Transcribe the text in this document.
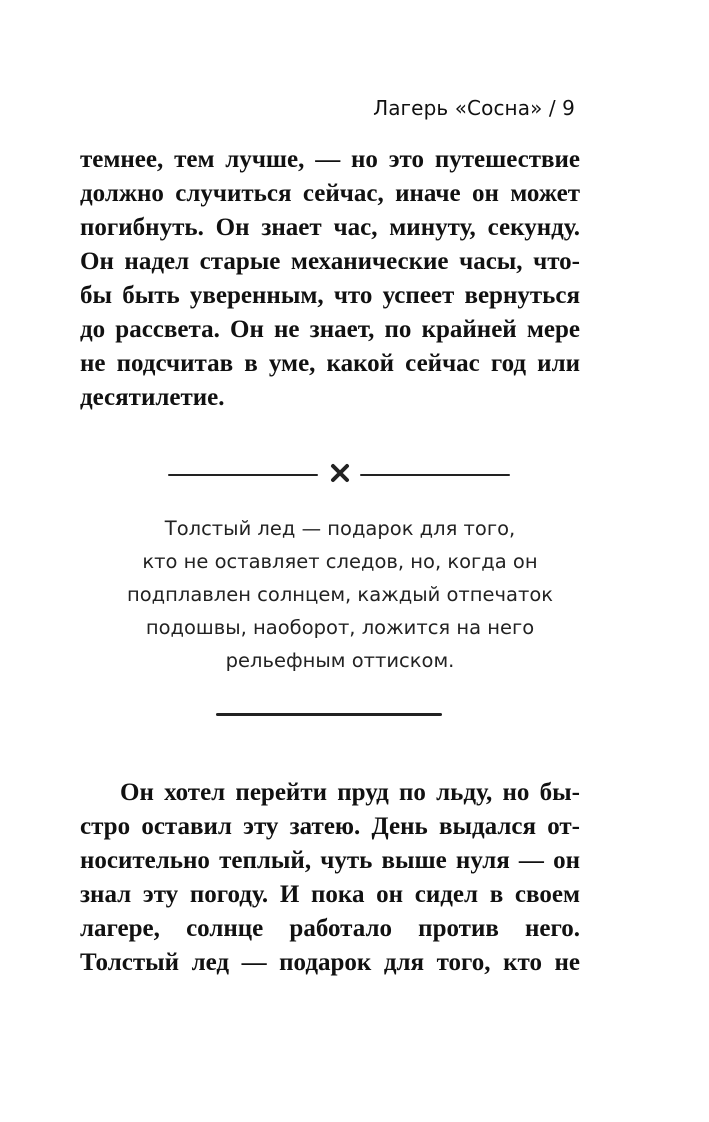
Лагерь «Сосна» / 9
темнее, тем лучше, — но это путешествие
должно случиться сейчас, иначе он может
погибнуть. Он знает час, минуту, секунду.
Он надел старые механические часы, что-
бы быть уверенным, что успеет вернуться
до рассвета. Он не знает, по крайней мере
не подсчитав в уме, какой сейчас год или
десятилетие.
Толстый лед — подарок для того,
кто не оставляет следов, но, когда он
подплавлен солнцем, каждый отпечаток
подошвы, наоборот, ложится на него
рельефным оттиском.
Он хотел перейти пруд по льду, но бы-
стро оставил эту затею. День выдался от-
носительно теплый, чуть выше нуля — он
знал эту погоду. И пока он сидел в своем
лагере, солнце работало против него.
Толстый лед — подарок для того, кто не
